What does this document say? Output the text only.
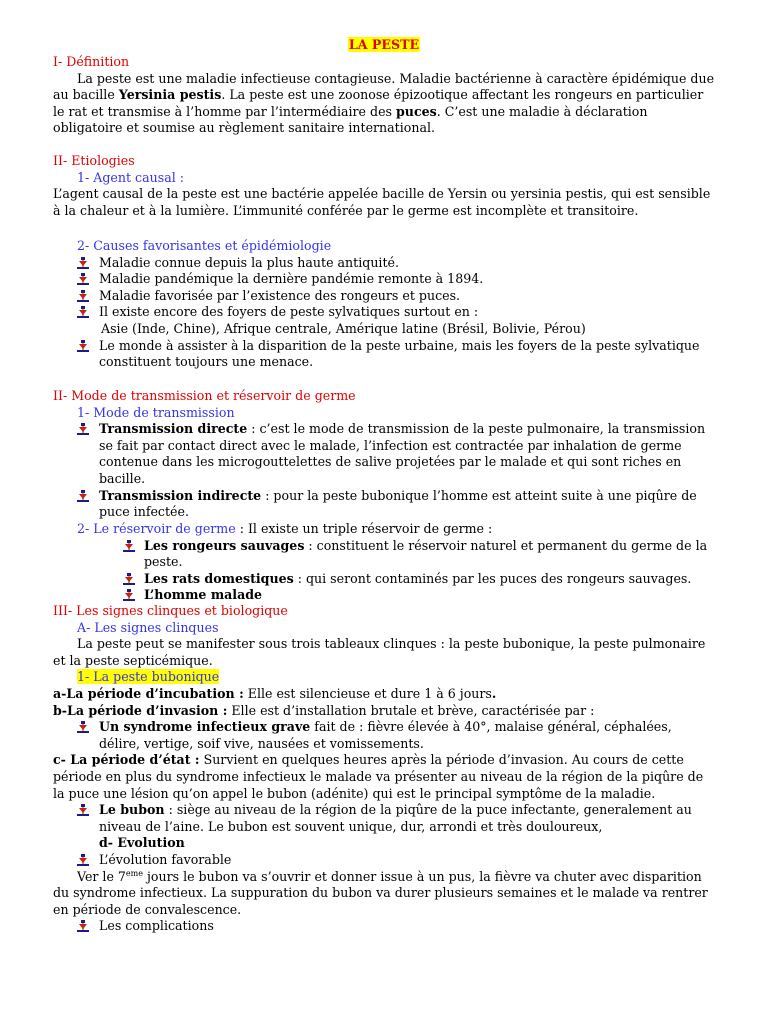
LA PESTE

I- Définition

La peste est une maladie infectieuse contagieuse. Maladie bactérienne à caractère épidémique due au bacille Yersinia pestis. La peste est une zoonose épizootique affectant les rongeurs en particulier le rat et transmise à l’homme par l’intermédiaire des puces. C’est une maladie à déclaration obligatoire et soumise au règlement sanitaire international.

II- Etiologies

1- Agent causal :

L’agent causal de la peste est une bactérie appelée bacille de Yersin ou yersinia pestis, qui est sensible à la chaleur et à la lumière. L’immunité conférée par le germe est incomplète et transitoire.

2- Causes favorisantes et épidémiologie

Maladie connue depuis la plus haute antiquité.
Maladie pandémique la dernière pandémie remonte à 1894.
Maladie favorisée par l’existence des rongeurs et puces.
Il existe encore des foyers de peste sylvatiques surtout en :

Asie (Inde, Chine), Afrique centrale, Amérique latine (Brésil, Bolivie, Pérou)

Le monde à assister à la disparition de la peste urbaine, mais les foyers de la peste sylvatique constituent toujours une menace.

II- Mode de transmission et réservoir de germe

1- Mode de transmission

Transmission directe : c’est le mode de transmission de la peste pulmonaire, la transmission se fait par contact direct avec le malade, l’infection est contractée par inhalation de germe contenue dans les microgouttelettes de salive projetées par le malade et qui sont riches en bacille.
Transmission indirecte : pour la peste bubonique l’homme est atteint suite à une piqûre de puce infectée.

2- Le réservoir de germe : Il existe un triple réservoir de germe :

Les rongeurs sauvages : constituent le réservoir naturel et permanent du germe de la peste.
Les rats domestiques : qui seront contaminés par les puces des rongeurs sauvages.
L’homme malade

III- Les signes clinques et biologique

A- Les signes clinques

La peste peut se manifester sous trois tableaux clinques : la peste bubonique, la peste pulmonaire et la peste septicémique.

1- La peste bubonique

a-La période d’incubation : Elle est silencieuse et dure 1 à 6 jours.

b-La période d’invasion : Elle est d’installation brutale et brève, caractérisée par :

Un syndrome infectieux grave fait de : fièvre élevée à 40°, malaise général, céphalées, délire, vertige, soif vive, nausées et vomissements.

c- La période d’état : Survient en quelques heures après la période d’invasion. Au cours de cette période en plus du syndrome infectieux le malade va présenter au niveau de la région de la piqûre de la puce une lésion qu’on appel le bubon (adénite) qui est le principal symptôme de la maladie.

Le bubon : siège au niveau de la région de la piqûre de la puce infectante, generalement au niveau de l’aine. Le bubon est souvent unique, dur, arrondi et très douloureux,

d- Evolution

L’évolution favorable

Ver le 7eme jours le bubon va s’ouvrir et donner issue à un pus, la fièvre va chuter avec disparition du syndrome infectieux. La suppuration du bubon va durer plusieurs semaines et le malade va rentrer en période de convalescence.

Les complications
